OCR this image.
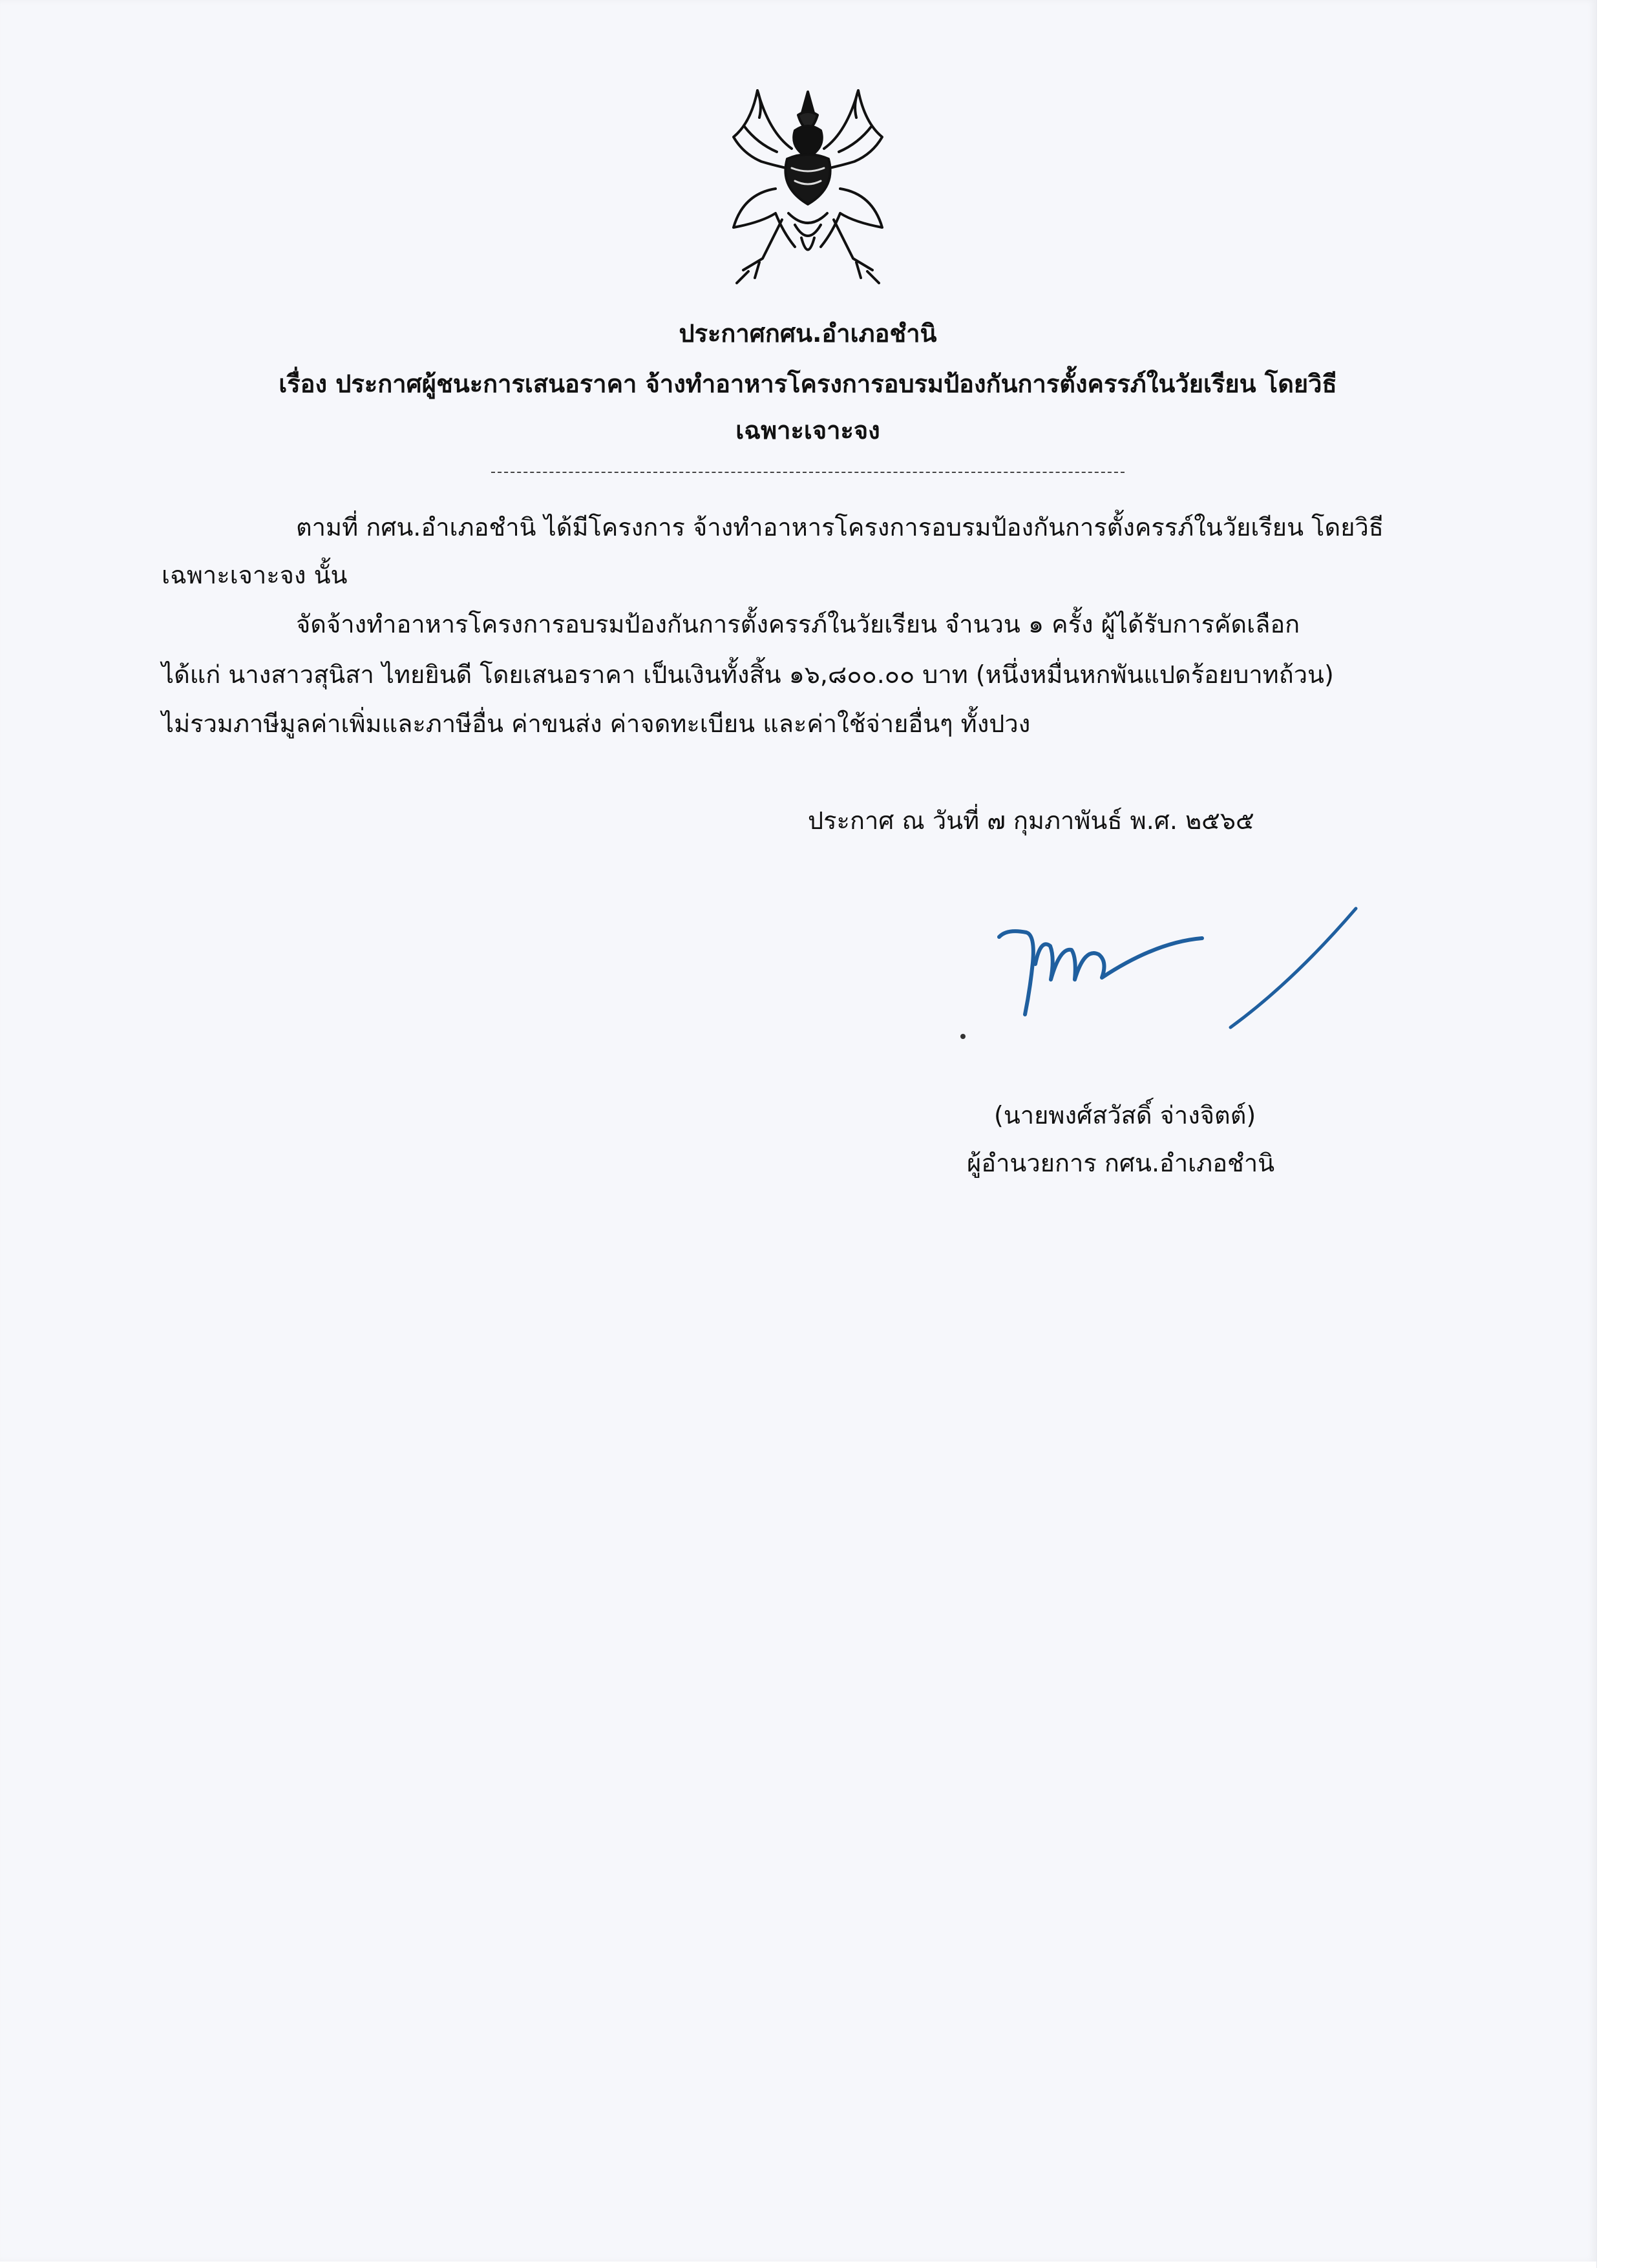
ประกาศกศน.อำเภอชำนิ
เรื่อง ประกาศผู้ชนะการเสนอราคา จ้างทำอาหารโครงการอบรมป้องกันการตั้งครรภ์ในวัยเรียน โดยวิธี
เฉพาะเจาะจง
ตามที่ กศน.อำเภอชำนิ ได้มีโครงการ จ้างทำอาหารโครงการอบรมป้องกันการตั้งครรภ์ในวัยเรียน โดยวิธี
เฉพาะเจาะจง นั้น
จัดจ้างทำอาหารโครงการอบรมป้องกันการตั้งครรภ์ในวัยเรียน จำนวน ๑ ครั้ง ผู้ได้รับการคัดเลือก
ได้แก่ นางสาวสุนิสา ไทยยินดี โดยเสนอราคา เป็นเงินทั้งสิ้น ๑๖,๘๐๐.๐๐ บาท (หนึ่งหมื่นหกพันแปดร้อยบาทถ้วน)
ไม่รวมภาษีมูลค่าเพิ่มและภาษีอื่น ค่าขนส่ง ค่าจดทะเบียน และค่าใช้จ่ายอื่นๆ ทั้งปวง
ประกาศ ณ วันที่ ๗ กุมภาพันธ์ พ.ศ. ๒๕๖๕
(นายพงศ์สวัสดิ์ จ่างจิตต์)
ผู้อำนวยการ กศน.อำเภอชำนิ
